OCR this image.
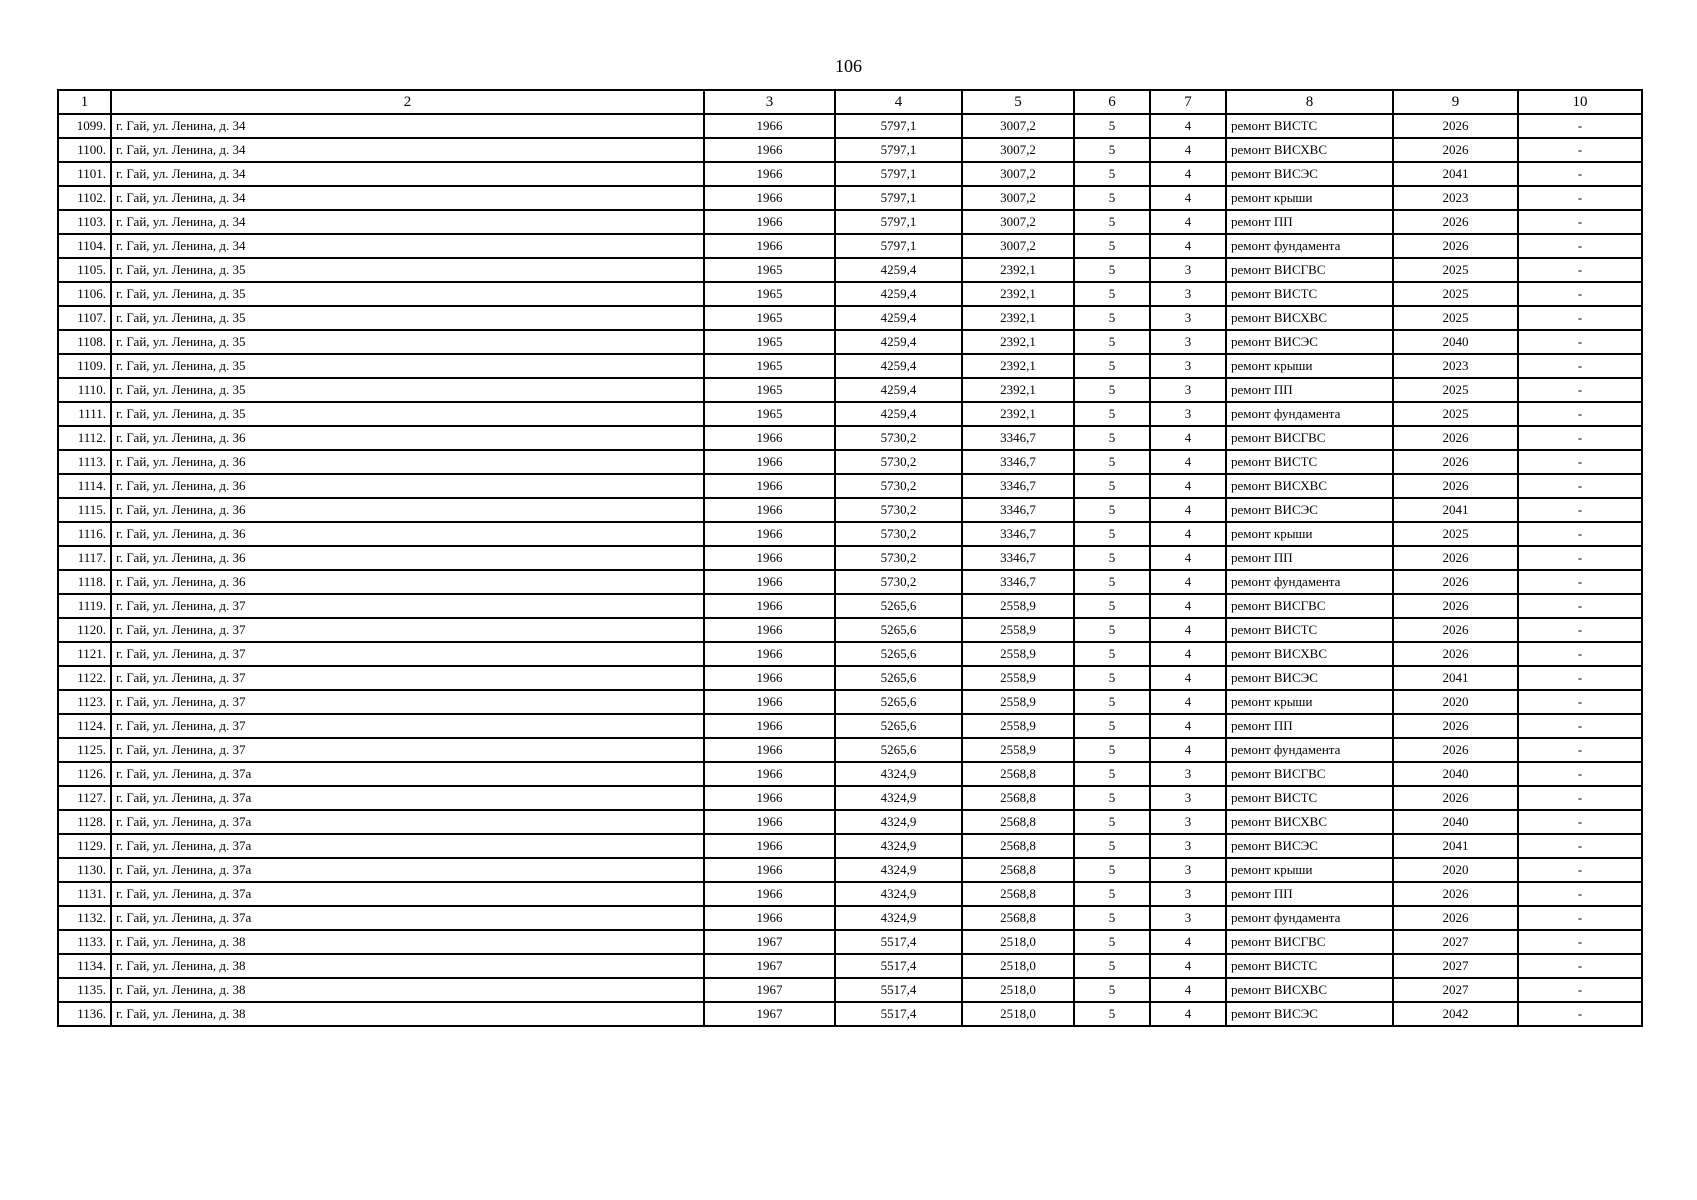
106
1	2	3	4	5	6	7	8	9	10
1099.	г. Гай, ул. Ленина, д. 34	1966	5797,1	3007,2	5	4	ремонт ВИСТС	2026	-
1100.	г. Гай, ул. Ленина, д. 34	1966	5797,1	3007,2	5	4	ремонт ВИСХВС	2026	-
1101.	г. Гай, ул. Ленина, д. 34	1966	5797,1	3007,2	5	4	ремонт ВИСЭС	2041	-
1102.	г. Гай, ул. Ленина, д. 34	1966	5797,1	3007,2	5	4	ремонт крыши	2023	-
1103.	г. Гай, ул. Ленина, д. 34	1966	5797,1	3007,2	5	4	ремонт ПП	2026	-
1104.	г. Гай, ул. Ленина, д. 34	1966	5797,1	3007,2	5	4	ремонт фундамента	2026	-
1105.	г. Гай, ул. Ленина, д. 35	1965	4259,4	2392,1	5	3	ремонт ВИСГВС	2025	-
1106.	г. Гай, ул. Ленина, д. 35	1965	4259,4	2392,1	5	3	ремонт ВИСТС	2025	-
1107.	г. Гай, ул. Ленина, д. 35	1965	4259,4	2392,1	5	3	ремонт ВИСХВС	2025	-
1108.	г. Гай, ул. Ленина, д. 35	1965	4259,4	2392,1	5	3	ремонт ВИСЭС	2040	-
1109.	г. Гай, ул. Ленина, д. 35	1965	4259,4	2392,1	5	3	ремонт крыши	2023	-
1110.	г. Гай, ул. Ленина, д. 35	1965	4259,4	2392,1	5	3	ремонт ПП	2025	-
1111.	г. Гай, ул. Ленина, д. 35	1965	4259,4	2392,1	5	3	ремонт фундамента	2025	-
1112.	г. Гай, ул. Ленина, д. 36	1966	5730,2	3346,7	5	4	ремонт ВИСГВС	2026	-
1113.	г. Гай, ул. Ленина, д. 36	1966	5730,2	3346,7	5	4	ремонт ВИСТС	2026	-
1114.	г. Гай, ул. Ленина, д. 36	1966	5730,2	3346,7	5	4	ремонт ВИСХВС	2026	-
1115.	г. Гай, ул. Ленина, д. 36	1966	5730,2	3346,7	5	4	ремонт ВИСЭС	2041	-
1116.	г. Гай, ул. Ленина, д. 36	1966	5730,2	3346,7	5	4	ремонт крыши	2025	-
1117.	г. Гай, ул. Ленина, д. 36	1966	5730,2	3346,7	5	4	ремонт ПП	2026	-
1118.	г. Гай, ул. Ленина, д. 36	1966	5730,2	3346,7	5	4	ремонт фундамента	2026	-
1119.	г. Гай, ул. Ленина, д. 37	1966	5265,6	2558,9	5	4	ремонт ВИСГВС	2026	-
1120.	г. Гай, ул. Ленина, д. 37	1966	5265,6	2558,9	5	4	ремонт ВИСТС	2026	-
1121.	г. Гай, ул. Ленина, д. 37	1966	5265,6	2558,9	5	4	ремонт ВИСХВС	2026	-
1122.	г. Гай, ул. Ленина, д. 37	1966	5265,6	2558,9	5	4	ремонт ВИСЭС	2041	-
1123.	г. Гай, ул. Ленина, д. 37	1966	5265,6	2558,9	5	4	ремонт крыши	2020	-
1124.	г. Гай, ул. Ленина, д. 37	1966	5265,6	2558,9	5	4	ремонт ПП	2026	-
1125.	г. Гай, ул. Ленина, д. 37	1966	5265,6	2558,9	5	4	ремонт фундамента	2026	-
1126.	г. Гай, ул. Ленина, д. 37а	1966	4324,9	2568,8	5	3	ремонт ВИСГВС	2040	-
1127.	г. Гай, ул. Ленина, д. 37а	1966	4324,9	2568,8	5	3	ремонт ВИСТС	2026	-
1128.	г. Гай, ул. Ленина, д. 37а	1966	4324,9	2568,8	5	3	ремонт ВИСХВС	2040	-
1129.	г. Гай, ул. Ленина, д. 37а	1966	4324,9	2568,8	5	3	ремонт ВИСЭС	2041	-
1130.	г. Гай, ул. Ленина, д. 37а	1966	4324,9	2568,8	5	3	ремонт крыши	2020	-
1131.	г. Гай, ул. Ленина, д. 37а	1966	4324,9	2568,8	5	3	ремонт ПП	2026	-
1132.	г. Гай, ул. Ленина, д. 37а	1966	4324,9	2568,8	5	3	ремонт фундамента	2026	-
1133.	г. Гай, ул. Ленина, д. 38	1967	5517,4	2518,0	5	4	ремонт ВИСГВС	2027	-
1134.	г. Гай, ул. Ленина, д. 38	1967	5517,4	2518,0	5	4	ремонт ВИСТС	2027	-
1135.	г. Гай, ул. Ленина, д. 38	1967	5517,4	2518,0	5	4	ремонт ВИСХВС	2027	-
1136.	г. Гай, ул. Ленина, д. 38	1967	5517,4	2518,0	5	4	ремонт ВИСЭС	2042	-
